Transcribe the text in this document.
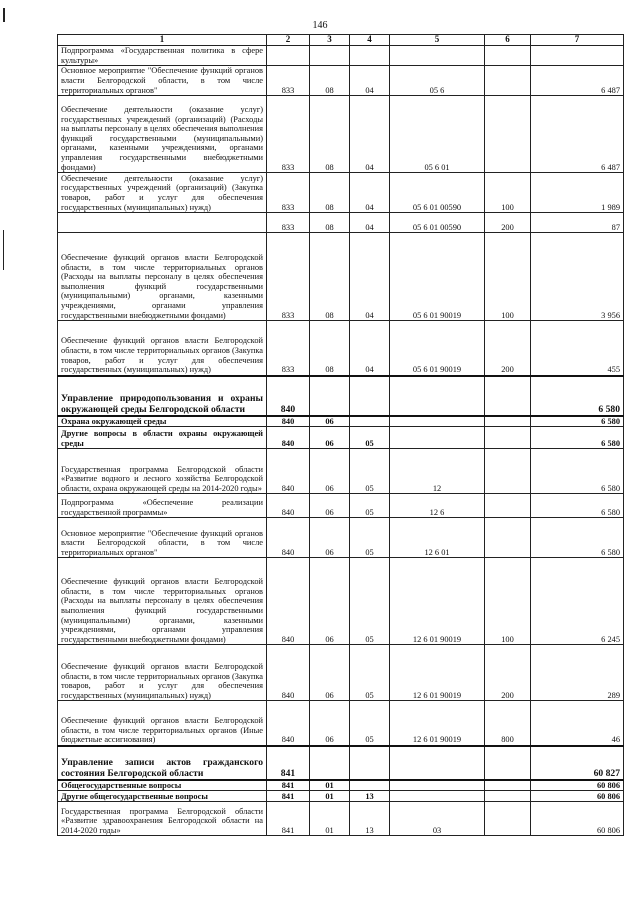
146
1	2	3	4	5	6	7
Подпрограмма «Государственная политика в сфере культуры»						
Основное мероприятие "Обеспечение функций органов власти Белгородской области, в том числе территориальных органов"	833	08	04	05 6		6 487
Обеспечение деятельности (оказание услуг) государственных учреждений (организаций) (Расходы на выплаты персоналу в целях обеспечения выполнения функций государственными (муниципальными) органами, казенными учреждениями, органами управления государственными внебюджетными фондами)	833	08	04	05 6 01		6 487
Обеспечение деятельности (оказание услуг) государственных учреждений (организаций) (Закупка товаров, работ и услуг для обеспечения государственных (муниципальных) нужд)	833	08	04	05 6 01 00590	100	1 989
	833	08	04	05 6 01 00590	200	87
Обеспечение функций органов власти Белгородской области, в том числе территориальных органов (Расходы на выплаты персоналу в целях обеспечения выполнения функций государственными (муниципальными) органами, казенными учреждениями, органами управления государственными внебюджетными фондами)	833	08	04	05 6 01 90019	100	3 956
Обеспечение функций органов власти Белгородской области, в том числе территориальных органов (Закупка товаров, работ и услуг для обеспечения государственных (муниципальных) нужд)	833	08	04	05 6 01 90019	200	455
Управление природопользования и охраны окружающей среды Белгородской области	840					6 580
Охрана окружающей среды	840	06				6 580
Другие вопросы в области охраны окружающей среды	840	06	05			6 580
Государственная программа Белгородской области «Развитие водного и лесного хозяйства Белгородской области, охрана окружающей среды на 2014-2020 годы»	840	06	05	12		6 580
Подпрограмма «Обеспечение реализации государственной программы»	840	06	05	12 6		6 580
Основное мероприятие "Обеспечение функций органов власти Белгородской области, в том числе территориальных органов"	840	06	05	12 6 01		6 580
Обеспечение функций органов власти Белгородской области, в том числе территориальных органов (Расходы на выплаты персоналу в целях обеспечения выполнения функций государственными (муниципальными) органами, казенными учреждениями, органами управления государственными внебюджетными фондами)	840	06	05	12 6 01 90019	100	6 245
Обеспечение функций органов власти Белгородской области, в том числе территориальных органов (Закупка товаров, работ и услуг для обеспечения государственных (муниципальных) нужд)	840	06	05	12 6 01 90019	200	289
Обеспечение функций органов власти Белгородской области, в том числе территориальных органов (Иные бюджетные ассигнования)	840	06	05	12 6 01 90019	800	46
Управление записи актов гражданского состояния Белгородской области	841					60 827
Общегосударственные вопросы	841	01				60 806
Другие общегосударственные вопросы	841	01	13			60 806
Государственная программа Белгородской области «Развитие здравоохранения Белгородской области на 2014-2020 годы»	841	01	13	03		60 806
